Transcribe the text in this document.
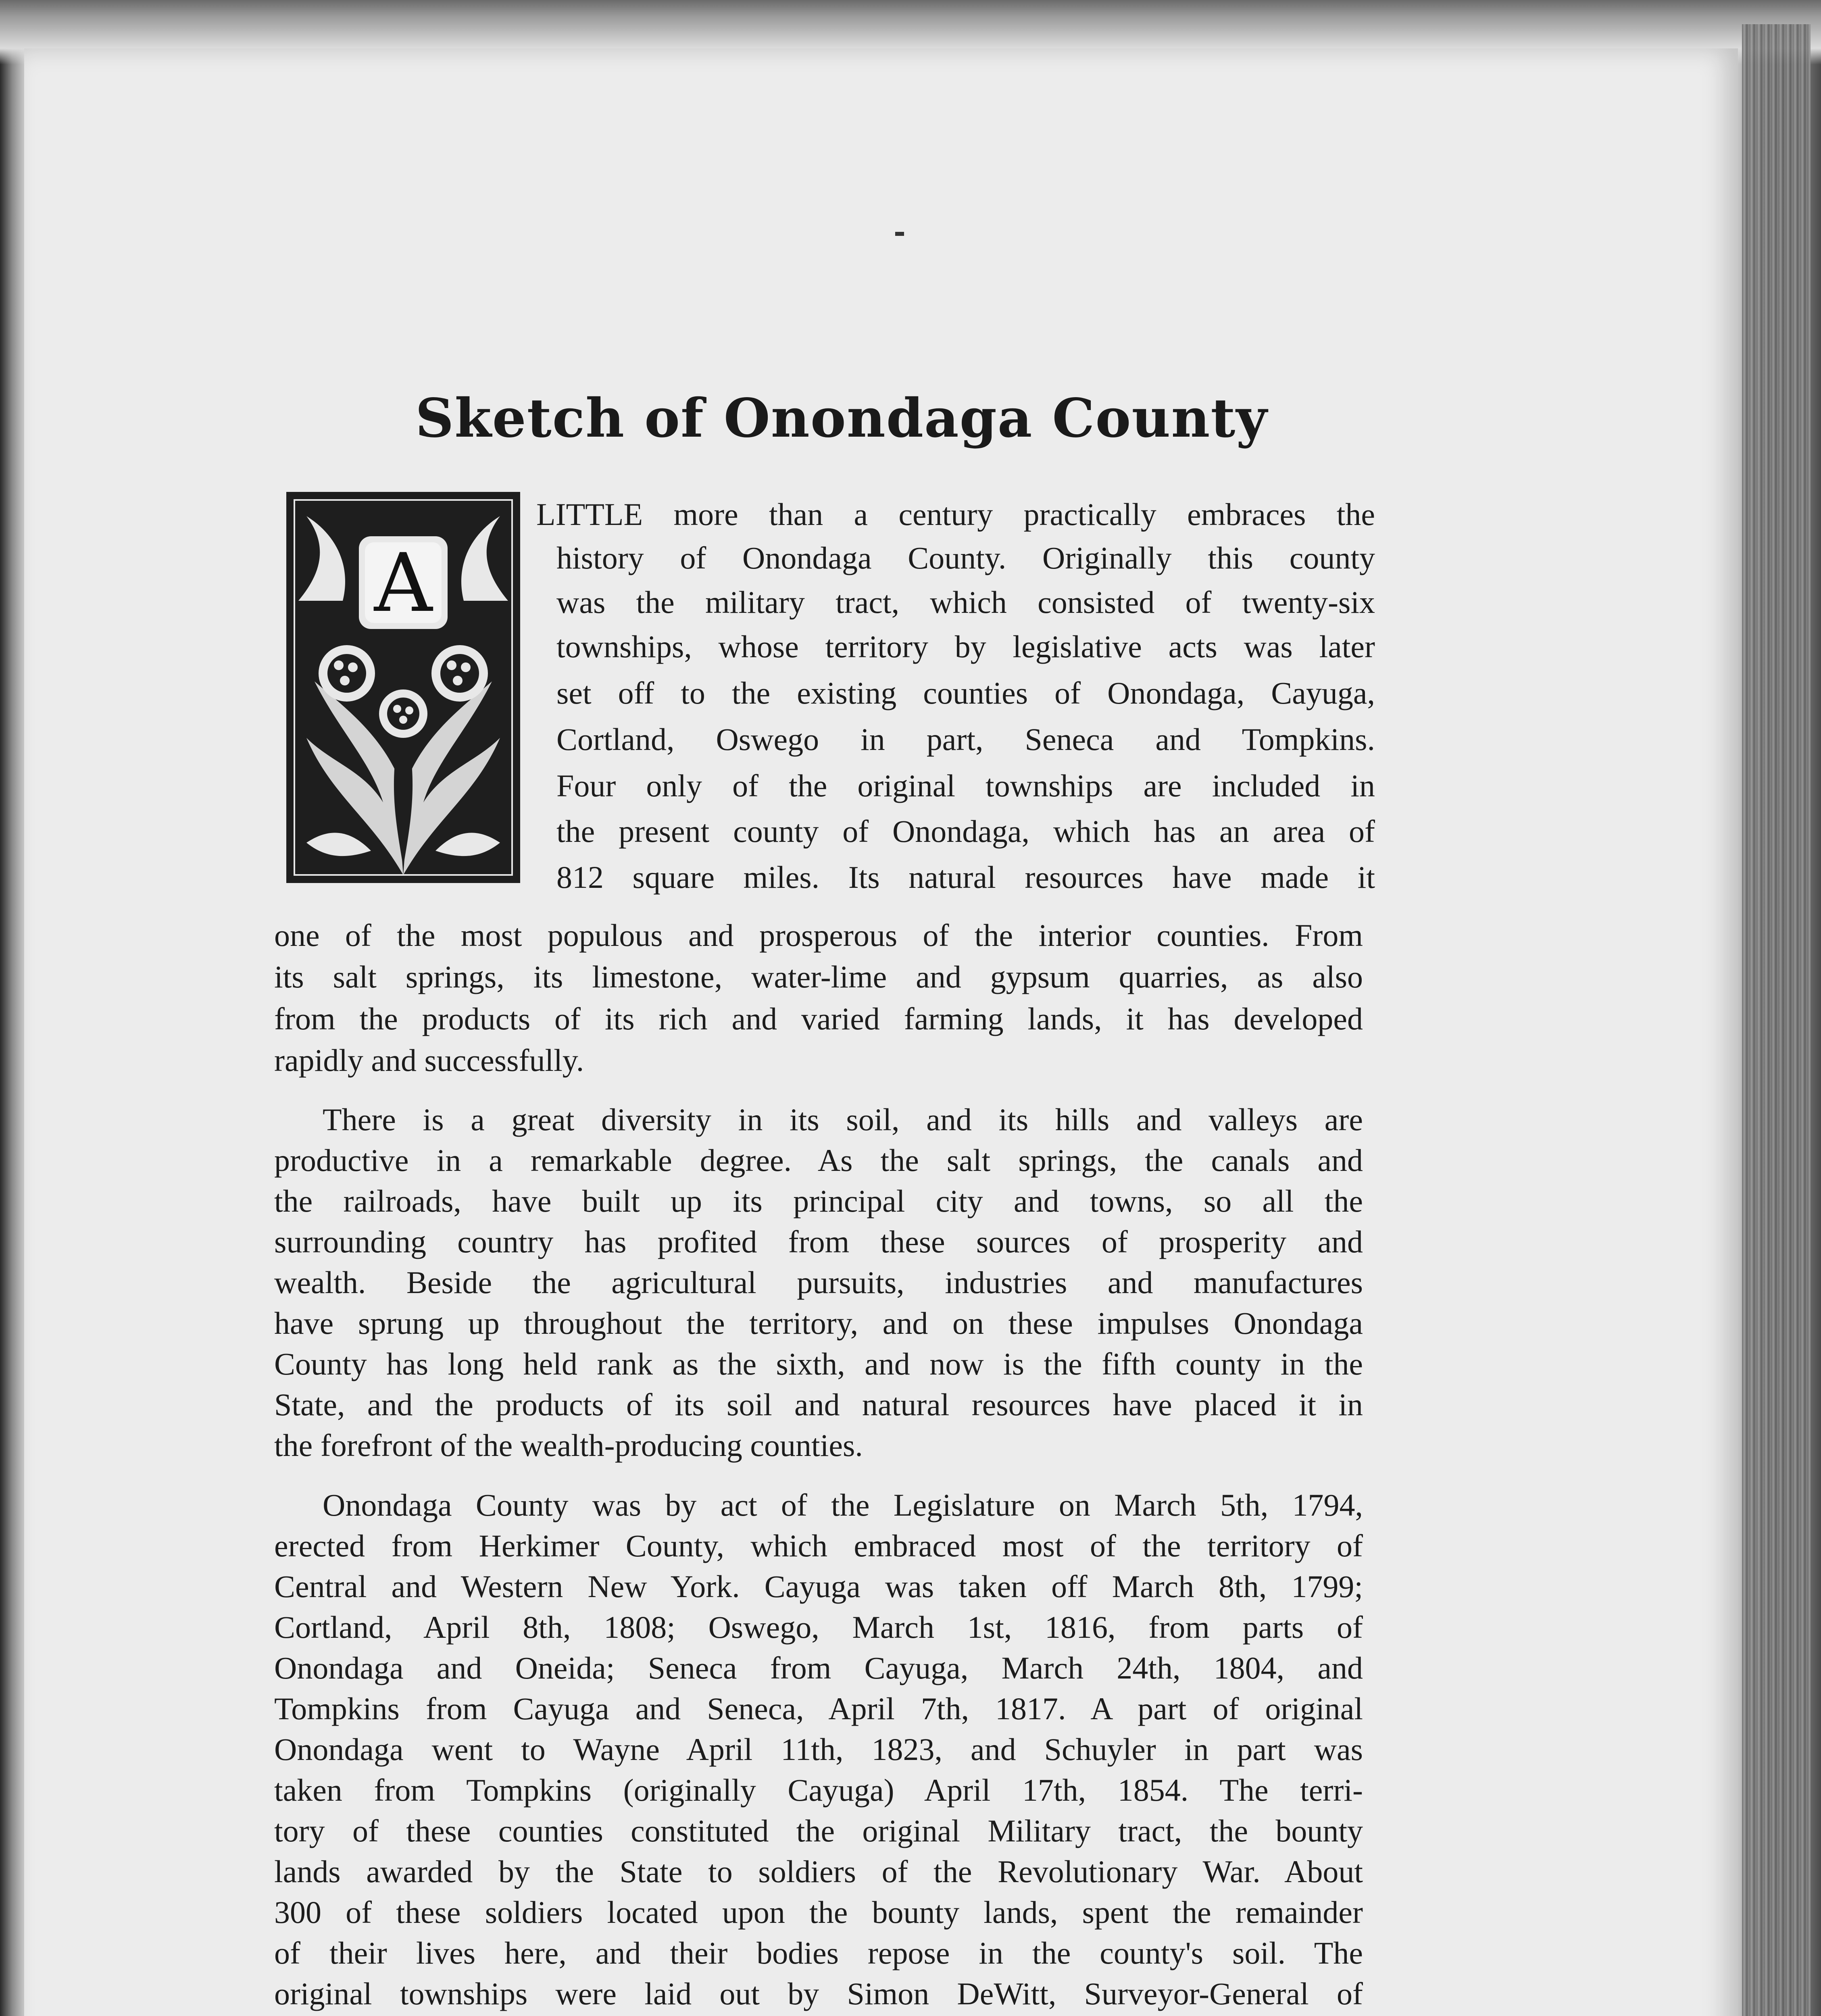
Sketch of Onondaga County
A
LITTLE more than a century practically embraces the
history of Onondaga County. Originally this county
was the military tract, which consisted of twenty-six
townships, whose territory by legislative acts was later
set off to the existing counties of Onondaga, Cayuga,
Cortland, Oswego in part, Seneca and Tompkins.
Four only of the original townships are included in
the present county of Onondaga, which has an area of
812 square miles. Its natural resources have made it
one of the most populous and prosperous of the interior counties. From
its salt springs, its limestone, water-lime and gypsum quarries, as also
from the products of its rich and varied farming lands, it has developed
rapidly and successfully.
There is a great diversity in its soil, and its hills and valleys are
productive in a remarkable degree. As the salt springs, the canals and
the railroads, have built up its principal city and towns, so all the
surrounding country has profited from these sources of prosperity and
wealth. Beside the agricultural pursuits, industries and manufactures
have sprung up throughout the territory, and on these impulses Onondaga
County has long held rank as the sixth, and now is the fifth county in the
State, and the products of its soil and natural resources have placed it in
the forefront of the wealth-producing counties.
Onondaga County was by act of the Legislature on March 5th, 1794,
erected from Herkimer County, which embraced most of the territory of
Central and Western New York. Cayuga was taken off March 8th, 1799;
Cortland, April 8th, 1808; Oswego, March 1st, 1816, from parts of
Onondaga and Oneida; Seneca from Cayuga, March 24th, 1804, and
Tompkins from Cayuga and Seneca, April 7th, 1817. A part of original
Onondaga went to Wayne April 11th, 1823, and Schuyler in part was
taken from Tompkins (originally Cayuga) April 17th, 1854. The terri-
tory of these counties constituted the original Military tract, the bounty
lands awarded by the State to soldiers of the Revolutionary War. About
300 of these soldiers located upon the bounty lands, spent the remainder
of their lives here, and their bodies repose in the county's soil. The
original townships were laid out by Simon DeWitt, Surveyor-General of
